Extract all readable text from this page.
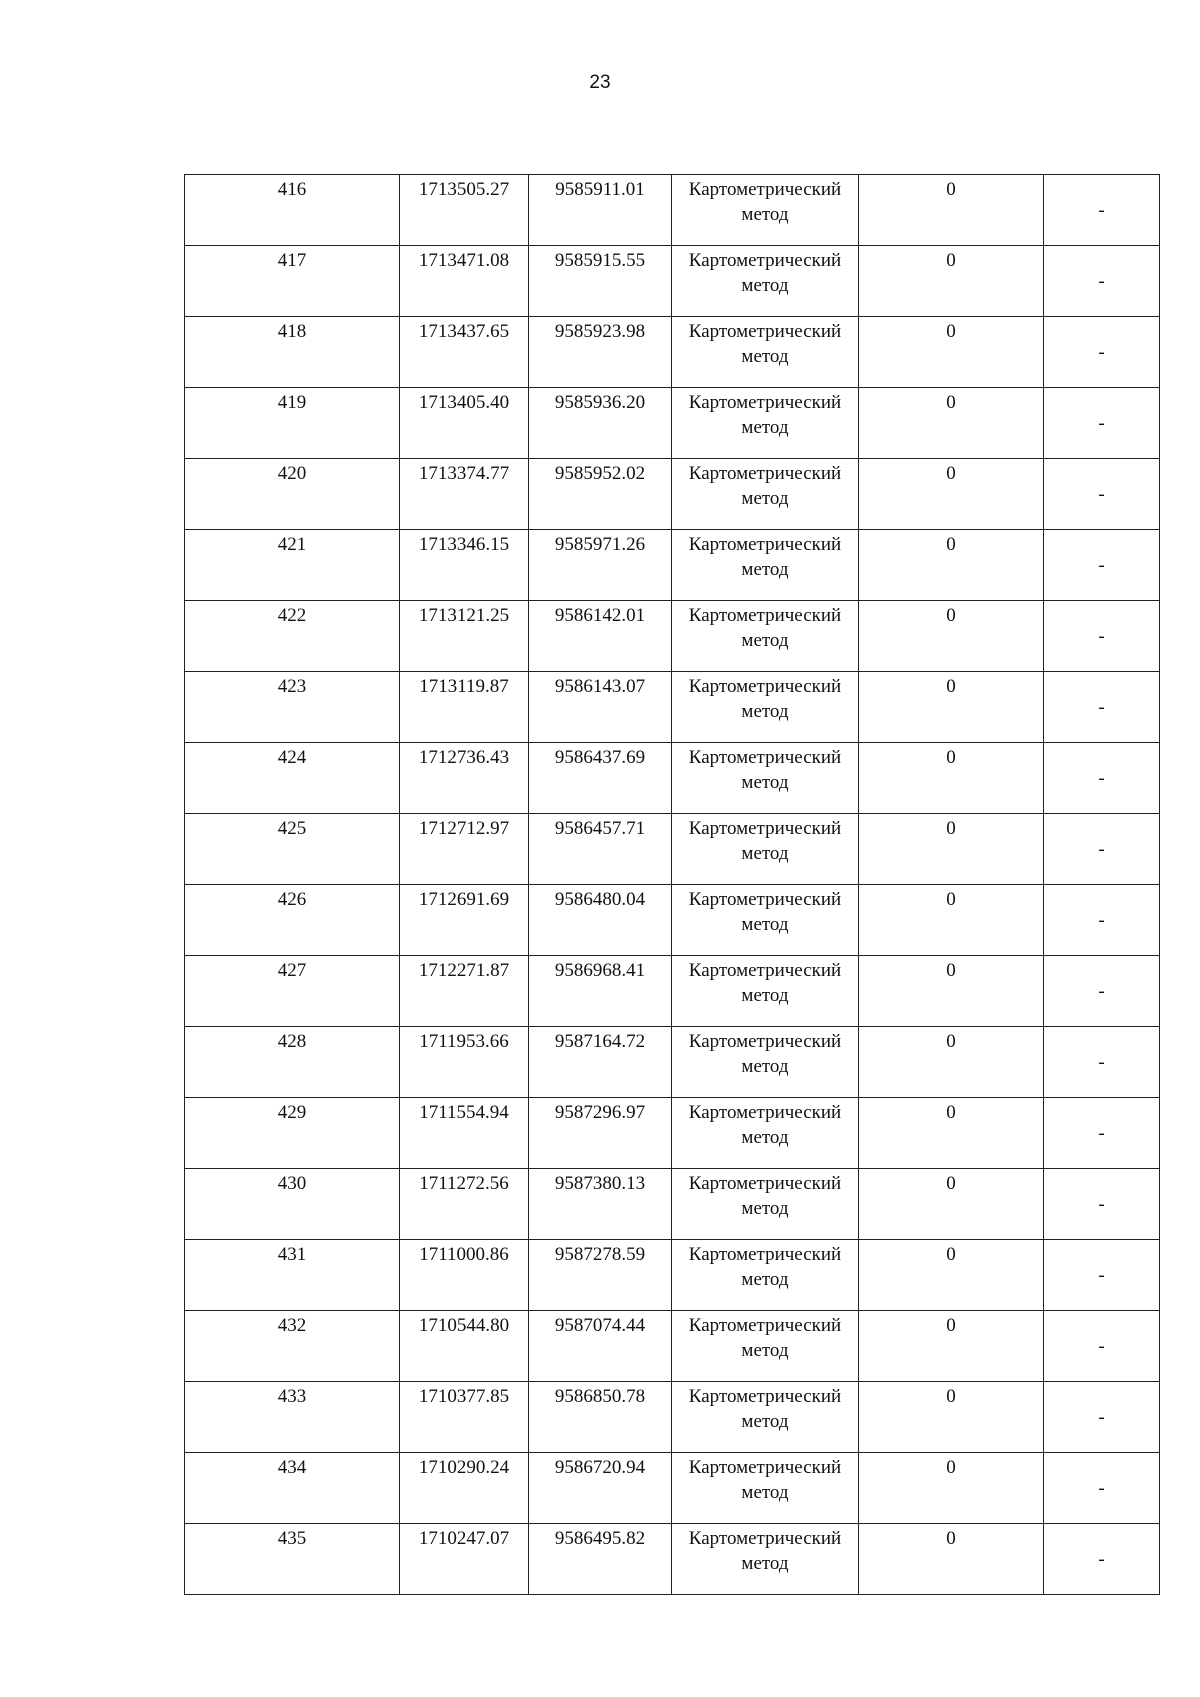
23
416	1713505.27	9585911.01	Картометрический метод	0	-
417	1713471.08	9585915.55	Картометрический метод	0	-
418	1713437.65	9585923.98	Картометрический метод	0	-
419	1713405.40	9585936.20	Картометрический метод	0	-
420	1713374.77	9585952.02	Картометрический метод	0	-
421	1713346.15	9585971.26	Картометрический метод	0	-
422	1713121.25	9586142.01	Картометрический метод	0	-
423	1713119.87	9586143.07	Картометрический метод	0	-
424	1712736.43	9586437.69	Картометрический метод	0	-
425	1712712.97	9586457.71	Картометрический метод	0	-
426	1712691.69	9586480.04	Картометрический метод	0	-
427	1712271.87	9586968.41	Картометрический метод	0	-
428	1711953.66	9587164.72	Картометрический метод	0	-
429	1711554.94	9587296.97	Картометрический метод	0	-
430	1711272.56	9587380.13	Картометрический метод	0	-
431	1711000.86	9587278.59	Картометрический метод	0	-
432	1710544.80	9587074.44	Картометрический метод	0	-
433	1710377.85	9586850.78	Картометрический метод	0	-
434	1710290.24	9586720.94	Картометрический метод	0	-
435	1710247.07	9586495.82	Картометрический метод	0	-
